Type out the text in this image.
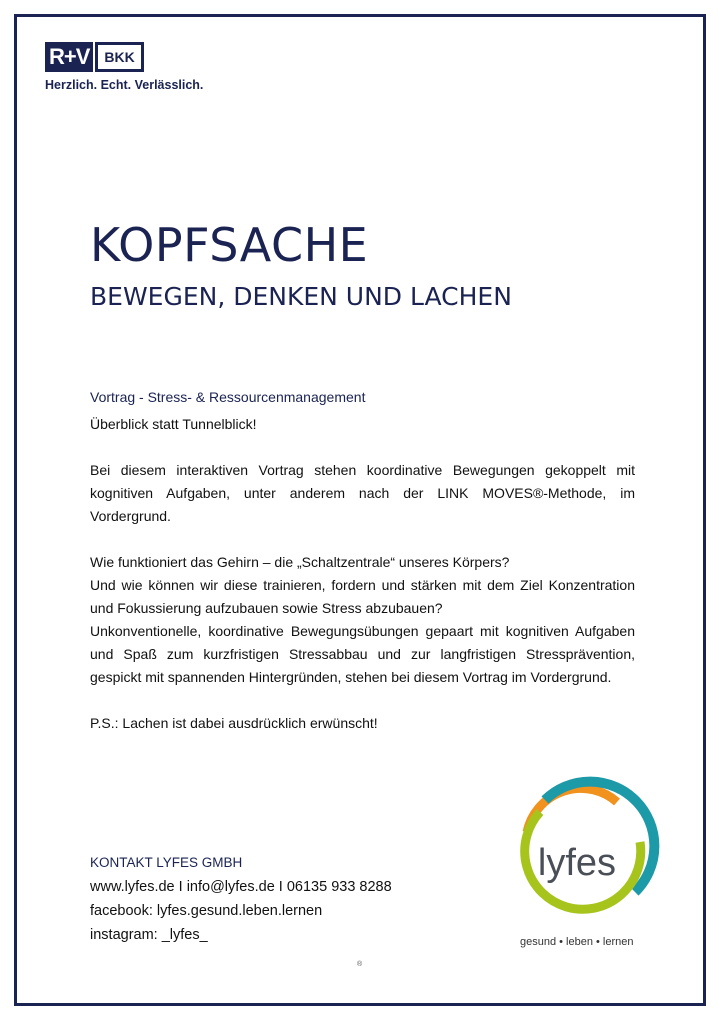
R+V	BKK
Herzlich. Echt. Verlässlich.
KOPFSACHE
BEWEGEN, DENKEN UND LACHEN

Vortrag - Stress- & Ressourcenmanagement

Überblick statt Tunnelblick!

Bei diesem interaktiven Vortrag stehen koordinative Bewegungen gekoppelt mit kognitiven Aufgaben, unter anderem nach der LINK MOVES®-Methode, im Vordergrund.

Wie funktioniert das Gehirn – die „Schaltzentrale“ unseres Körpers?

Und wie können wir diese trainieren, fordern und stärken mit dem Ziel Konzentration und Fokussierung aufzubauen sowie Stress abzubauen?

Unkonventionelle, koordinative Bewegungsübungen gepaart mit kognitiven Aufgaben und Spaß zum kurzfristigen Stressabbau und zur langfristigen Stressprävention, gespickt mit spannenden Hintergründen, stehen bei diesem Vortrag im Vordergrund.

P.S.: Lachen ist dabei ausdrücklich erwünscht!

KONTAKT LYFES GMBH
www.lyfes.de I info@lyfes.de I 06135 933 8288
facebook: lyfes.gesund.leben.lernen
instagram: _lyfes_
lyfes
gesund • leben • lernen
®
